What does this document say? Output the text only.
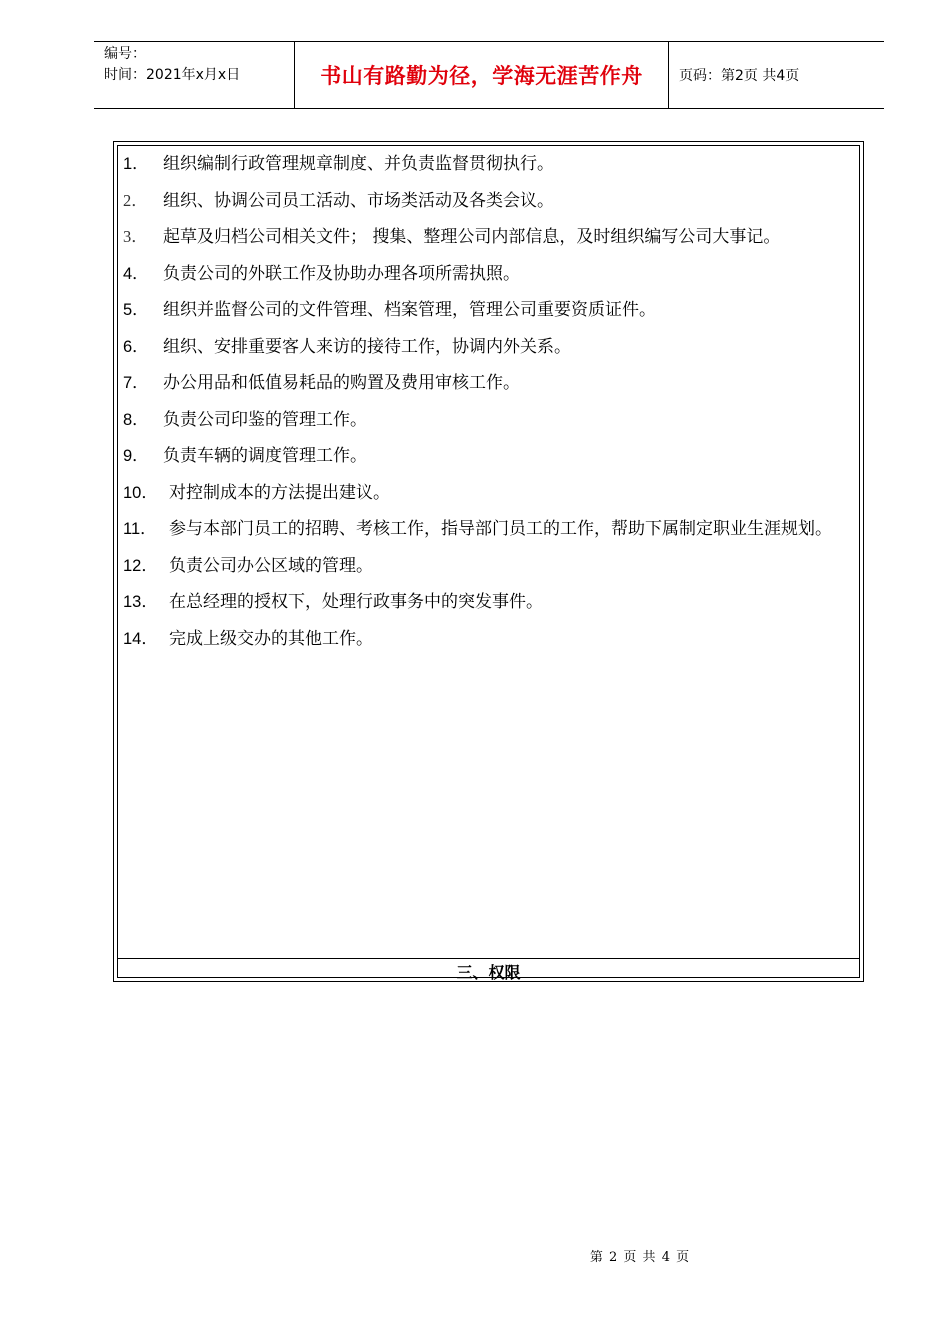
编号：
时间：2021年x月x日	书山有路勤为径，学海无涯苦作舟	页码：第2页 共4页
1． 组织编制行政管理规章制度、并负责监督贯彻执行。
2． 组织、协调公司员工活动、市场类活动及各类会议。
3． 起草及归档公司相关文件； 搜集、整理公司内部信息，及时组织编写公司大事记。
4． 负责公司的外联工作及协助办理各项所需执照。
5． 组织并监督公司的文件管理、档案管理，管理公司重要资质证件。
6． 组织、安排重要客人来访的接待工作，协调内外关系。
7． 办公用品和低值易耗品的购置及费用审核工作。
8． 负责公司印鉴的管理工作。
9． 负责车辆的调度管理工作。
10． 对控制成本的方法提出建议。
11． 参与本部门员工的招聘、考核工作，指导部门员工的工作，帮助下属制定职业生涯规划。
12． 负责公司办公区域的管理。
13． 在总经理的授权下，处理行政事务中的突发事件。
14． 完成上级交办的其他工作。
三、权限
第 2 页 共 4 页
